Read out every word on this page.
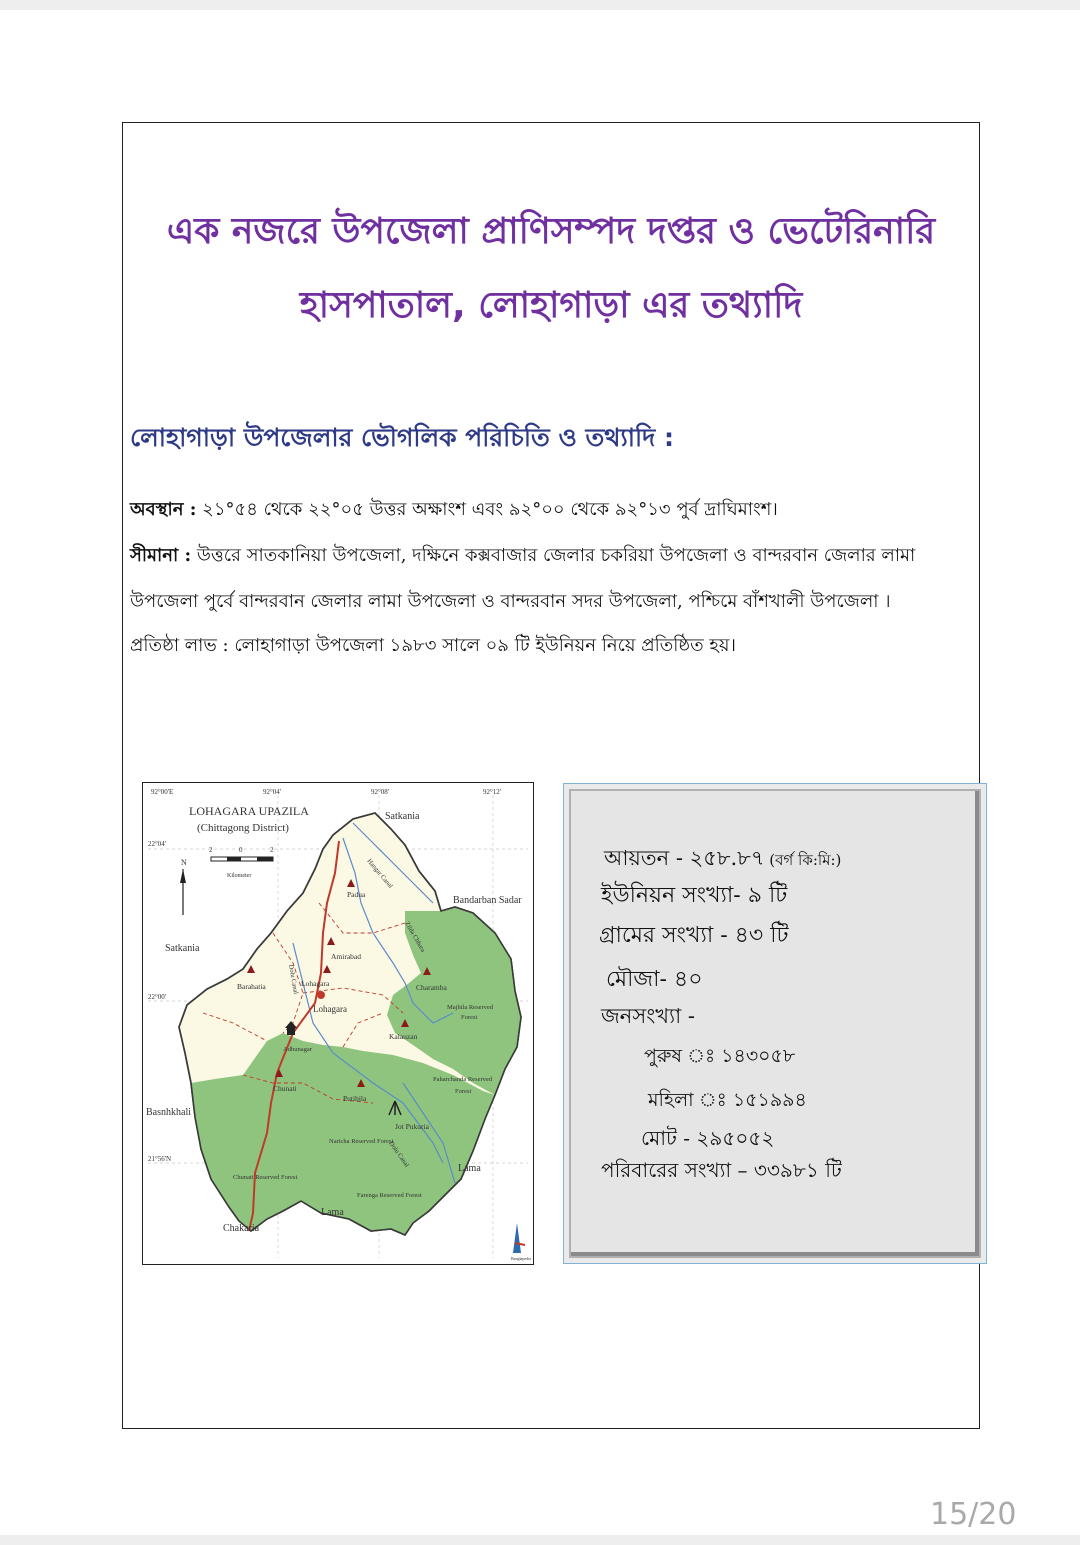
এক নজরে উপজেলা প্রাণিসম্পদ দপ্তর ও ভেটেরিনারি
হাসপাতাল, লোহাগাড়া এর তথ্যাদি
লোহাগাড়া উপজেলার ভৌগলিক পরিচিতি ও তথ্যাদি :
অবস্থান : ২১°৫৪ থেকে ২২°০৫ উত্তর অক্ষাংশ এবং ৯২°০০ থেকে ৯২°১৩ পুর্ব দ্রাঘিমাংশ।
সীমানা : উত্তরে সাতকানিয়া উপজেলা, দক্ষিনে কক্সবাজার জেলার চকরিয়া উপজেলা ও বান্দরবান জেলার লামা
উপজেলা পুর্বে বান্দরবান জেলার লামা উপজেলা ও বান্দরবান সদর উপজেলা, পশ্চিমে বাঁশখালী উপজেলা ।
প্রতিষ্ঠা লাভ : লোহাগাড়া উপজেলা ১৯৮৩ সালে ০৯ টি ইউনিয়ন নিয়ে প্রতিষ্ঠিত হয়।
92°00'E	92°04'	92°08'	92°12'
22°04'
22°00'
21°56'N
LOHAGARA UPAZILA
(Chittagong District)
2	0	2
Kilometer
N
Satkania
Satkania
Bandarban Sadar
Basnhkhali
Chakaria
Lama
Lama
Padua
Amirabad
Lohagara
Lohagara
Barahatia	Charamba
Adhunagar
Kalauzan
Chunati
Putibila
Jot Pukuria
Hangar Canal
Zilda Chhara
Dolu Canal
Dolu Canal
Majhila Reserved
Forest
Paharchanda Reserved
Forest
Naricha Reserved Forest
Chunati Reserved Forest
Farenga Reserved Forest
Banglapedia
আয়তন - ২৫৮.৮৭ (বর্গ কি:মি:)
ইউনিয়ন সংখ্যা- ৯ টি
গ্রামের সংখ্যা - ৪৩ টি
মৌজা- ৪০
জনসংখ্যা -
পুরুষ ঃ ১৪৩০৫৮
মহিলা ঃ ১৫১৯৯৪
মোট - ২৯৫০৫২
পরিবারের সংখ্যা – ৩৩৯৮১ টি
15/20
